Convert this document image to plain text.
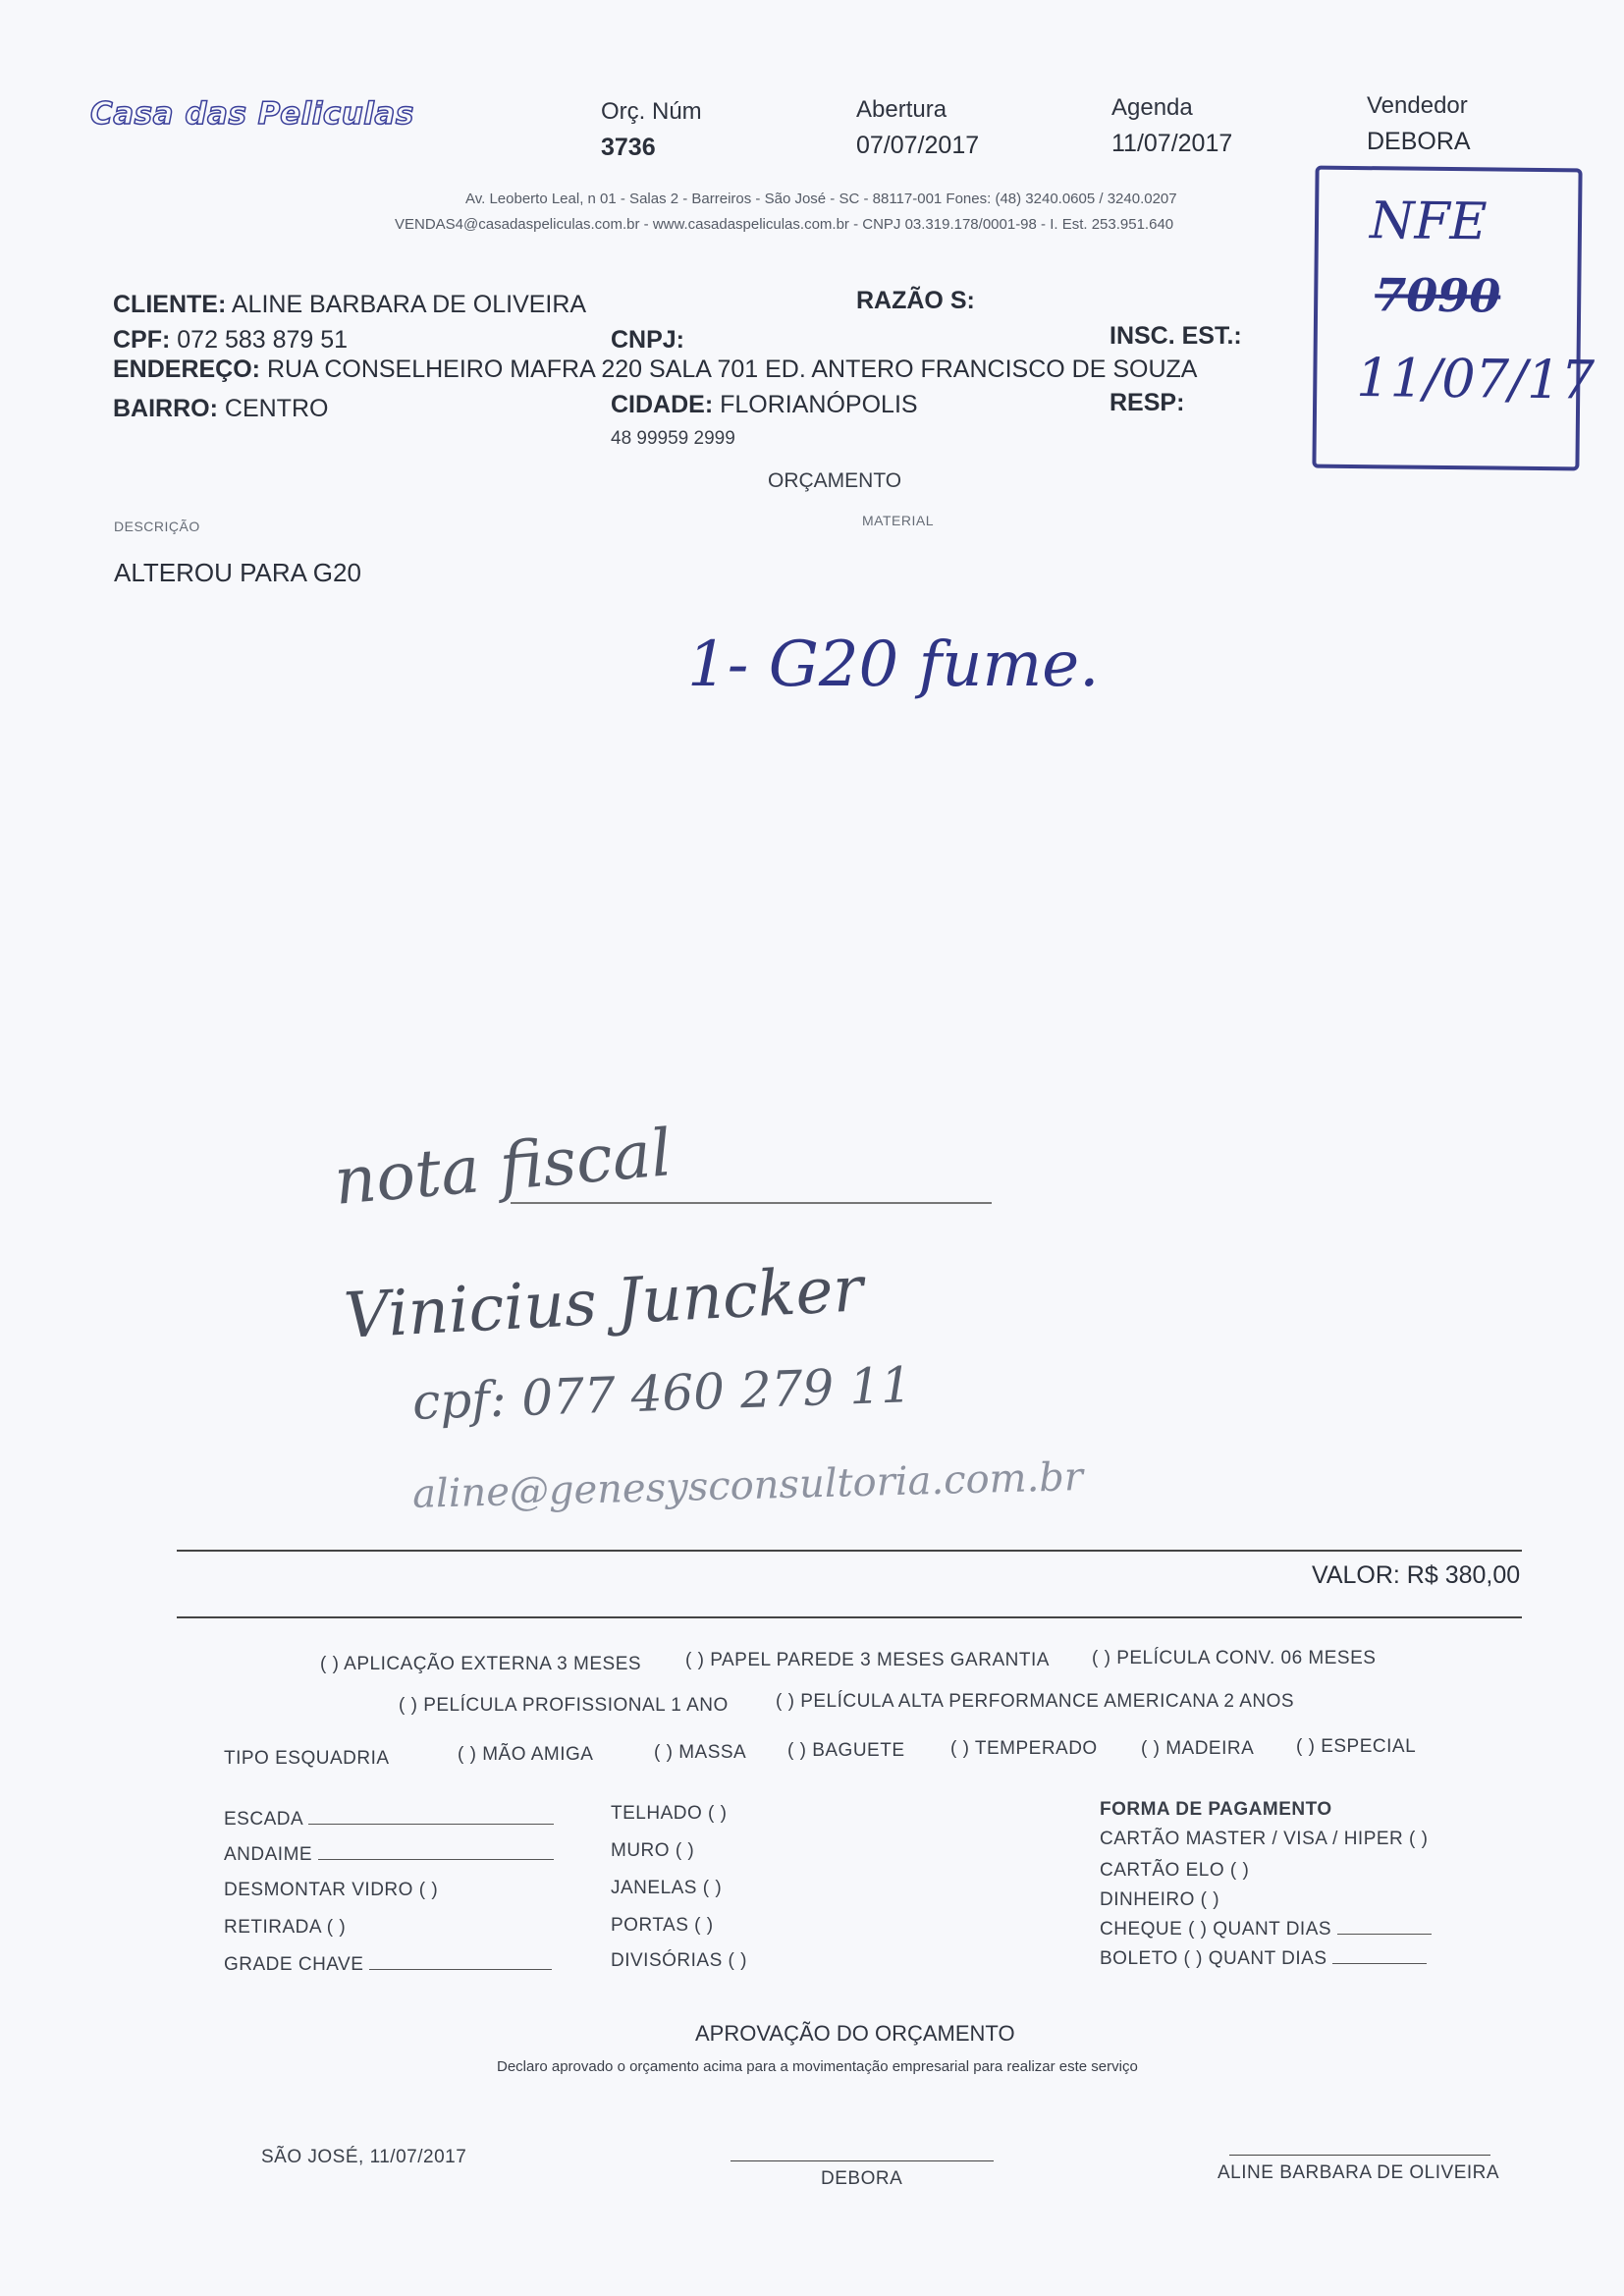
Casa das Peliculas	Orç. Núm
3736
Abertura
07/07/2017
Agenda
11/07/2017
Vendedor
DEBORA
Av. Leoberto Leal, n 01 - Salas 2 - Barreiros - São José - SC - 88117-001 Fones: (48) 3240.0605 / 3240.0207
VENDAS4@casadaspeliculas.com.br - www.casadaspeliculas.com.br - CNPJ 03.319.178/0001-98 - I. Est. 253.951.640	NFE
7090
11/07/17
CLIENTE: ALINE BARBARA DE OLIVEIRA	RAZÃO S:
CPF: 072 583 879 51	CNPJ:	INSC. EST.:
ENDEREÇO: RUA CONSELHEIRO MAFRA 220 SALA 701 ED. ANTERO FRANCISCO DE SOUZA
BAIRRO: CENTRO	CIDADE: FLORIANÓPOLIS	RESP:
48 99959 2999
ORÇAMENTO
DESCRIÇÃO	MATERIAL
ALTEROU PARA G20
1- G20 fume.
nota fiscal
Vinicius Juncker
cpf: 077 460 279 11
aline@genesysconsultoria.com.br
VALOR: R$ 380,00
( ) APLICAÇÃO EXTERNA 3 MESES ( ) PAPEL PAREDE 3 MESES GARANTIA ( ) PELÍCULA CONV. 06 MESES
( ) PELÍCULA PROFISSIONAL 1 ANO	( ) PELÍCULA ALTA PERFORMANCE AMERICANA 2 ANOS
TIPO ESQUADRIA	( ) MÃO AMIGA	( ) MASSA ( ) BAGUETE ( ) TEMPERADO ( ) MADEIRA ( ) ESPECIAL
ESCADA
ANDAIME
DESMONTAR VIDRO ( )
RETIRADA ( )
GRADE CHAVE
TELHADO ( )
MURO ( )
JANELAS ( )
PORTAS ( )
DIVISÓRIAS ( )
FORMA DE PAGAMENTO
CARTÃO MASTER / VISA / HIPER ( )
CARTÃO ELO ( )
DINHEIRO ( )
CHEQUE ( ) QUANT DIAS
BOLETO ( ) QUANT DIAS
APROVAÇÃO DO ORÇAMENTO
Declaro aprovado o orçamento acima para a movimentação empresarial para realizar este serviço
SÃO JOSÉ, 11/07/2017
DEBORA	ALINE BARBARA DE OLIVEIRA
